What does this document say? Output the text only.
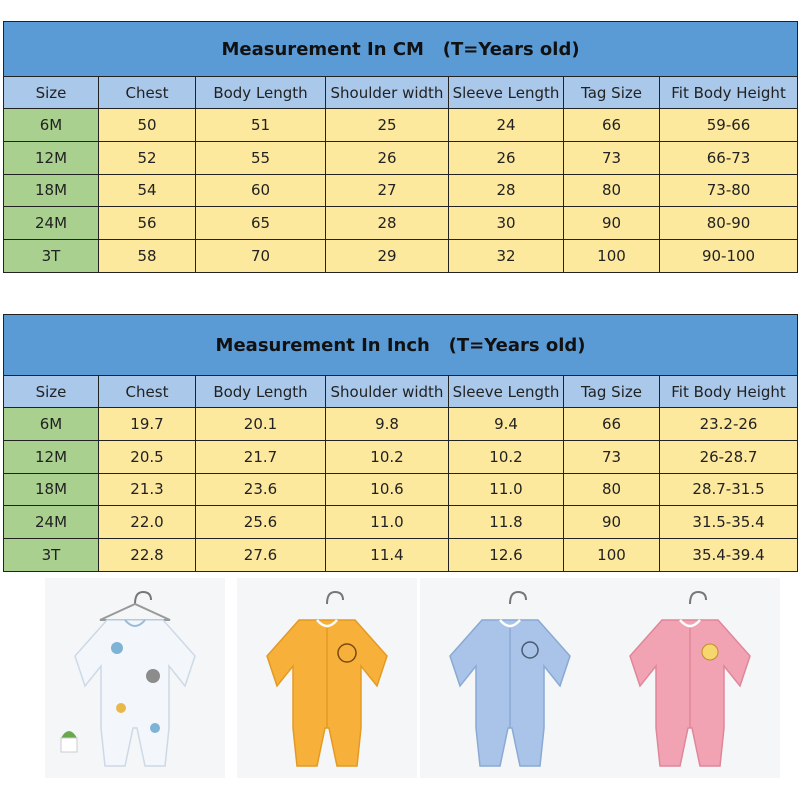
Measurement In CM   (T=Years old)						
Size	Chest	Body Length	Shoulder width	Sleeve Length	Tag Size	Fit Body Height
6M	50	51	25	24	66	59-66
12M	52	55	26	26	73	66-73
18M	54	60	27	28	80	73-80
24M	56	65	28	30	90	80-90
3T	58	70	29	32	100	90-100
Measurement In Inch   (T=Years old)						
Size	Chest	Body Length	Shoulder width	Sleeve Length	Tag Size	Fit Body Height
6M	19.7	20.1	9.8	9.4	66	23.2-26
12M	20.5	21.7	10.2	10.2	73	26-28.7
18M	21.3	23.6	10.6	11.0	80	28.7-31.5
24M	22.0	25.6	11.0	11.8	90	31.5-35.4
3T	22.8	27.6	11.4	12.6	100	35.4-39.4
